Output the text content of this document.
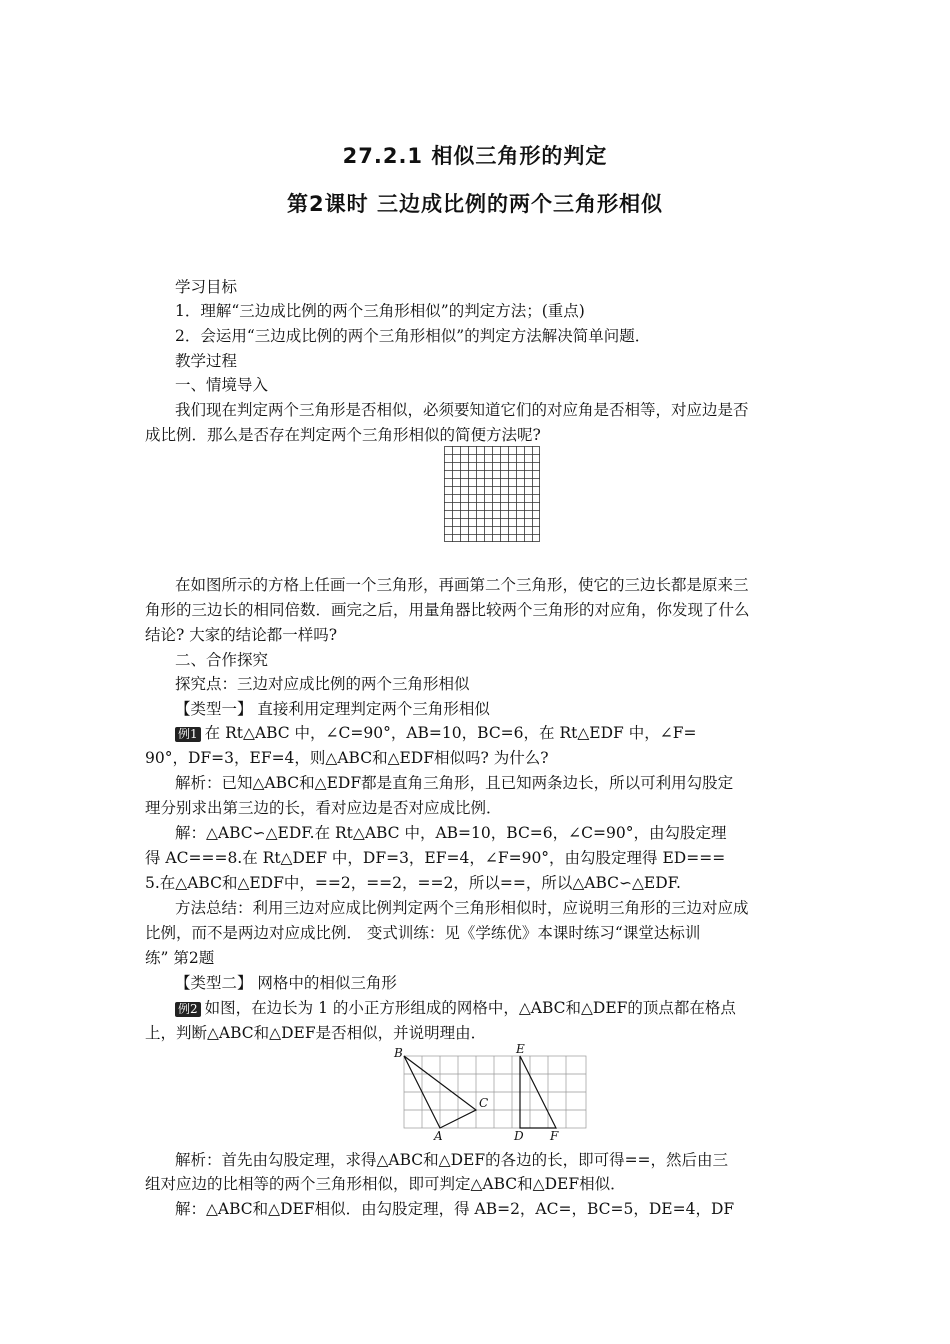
27.2.1 相似三角形的判定
第2课时 三边成比例的两个三角形相似
学习目标
1．理解“三边成比例的两个三角形相似”的判定方法；(重点)
2．会运用“三边成比例的两个三角形相似”的判定方法解决简单问题．
教学过程
一、情境导入
我们现在判定两个三角形是否相似，必须要知道它们的对应角是否相等，对应边是否
成比例．那么是否存在判定两个三角形相似的简便方法呢?
在如图所示的方格上任画一个三角形，再画第二个三角形，使它的三边长都是原来三
角形的三边长的相同倍数．画完之后，用量角器比较两个三角形的对应角，你发现了什么
结论? 大家的结论都一样吗?
二、合作探究
探究点：三边对应成比例的两个三角形相似
【类型一】 直接利用定理判定两个三角形相似
例1 在 Rt△ABC 中，∠C=90°，AB=10，BC=6，在 Rt△EDF 中，∠F=
90°，DF=3，EF=4，则△ABC和△EDF相似吗? 为什么?
解析：已知△ABC和△EDF都是直角三角形，且已知两条边长，所以可利用勾股定
理分别求出第三边的长，看对应边是否对应成比例．
解：△ABC∽△EDF.在 Rt△ABC 中，AB=10，BC=6，∠C=90°，由勾股定理
得 AC===8.在 Rt△DEF 中，DF=3，EF=4，∠F=90°，由勾股定理得 ED===
5.在△ABC和△EDF中，==2，==2，==2，所以==，所以△ABC∽△EDF.
方法总结：利用三边对应成比例判定两个三角形相似时，应说明三角形的三边对应成
比例，而不是两边对应成比例． 变式训练：见《学练优》本课时练习“课堂达标训
练” 第2题
【类型二】 网格中的相似三角形
例2 如图，在边长为 1 的小正方形组成的网格中，△ABC和△DEF的顶点都在格点
上，判断△ABC和△DEF是否相似，并说明理由．
B
C
A
E
D F
解析：首先由勾股定理，求得△ABC和△DEF的各边的长，即可得==，然后由三
组对应边的比相等的两个三角形相似，即可判定△ABC和△DEF相似．
解：△ABC和△DEF相似．由勾股定理，得 AB=2，AC=，BC=5，DE=4，DF
